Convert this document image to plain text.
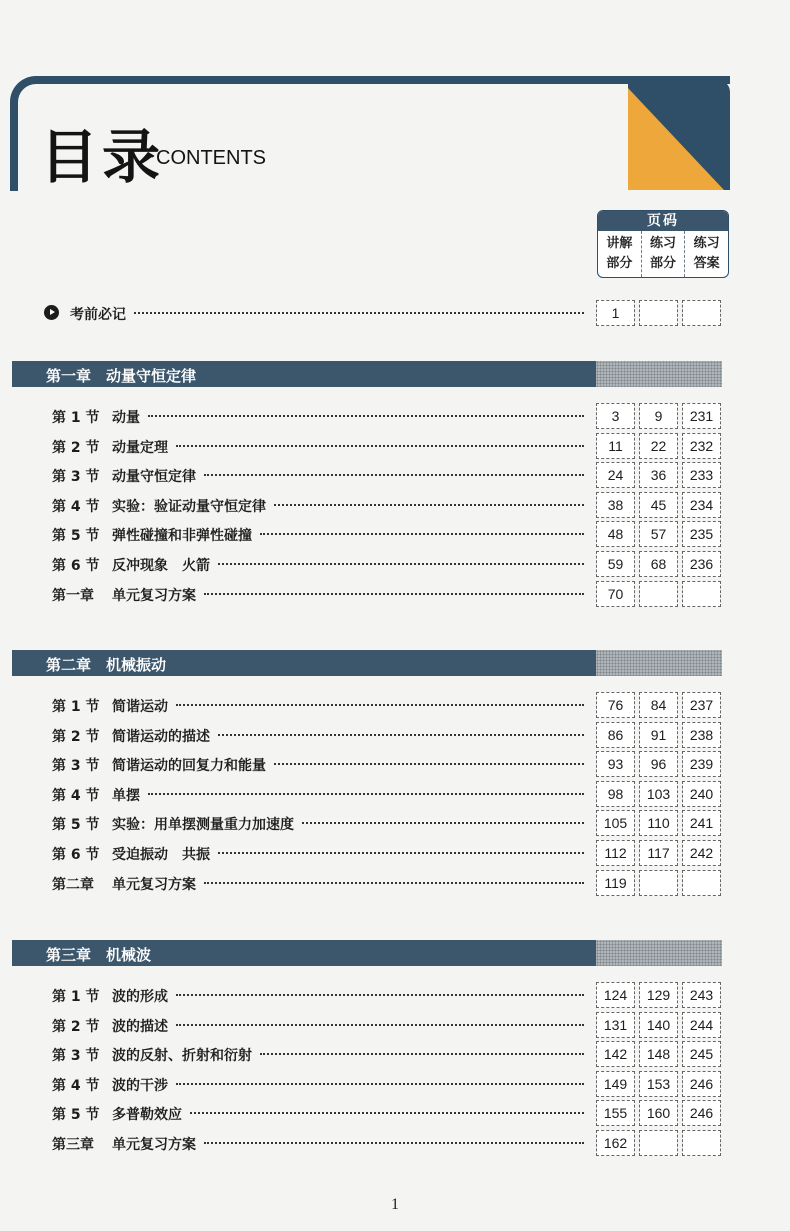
目录
CONTENTS
页码
讲解
部分
练习
部分
练习
答案
考前必记	1
第一章　动量守恒定律
第 1 节 动量	3	9	231
第 2 节 动量定理	11	22	232
第 3 节 动量守恒定律	24	36	233
第 4 节 实验：验证动量守恒定律	38	45	234
第 5 节 弹性碰撞和非弹性碰撞	48	57	235
第 6 节 反冲现象　火箭	59	68	236
第一章 单元复习方案	70
第二章　机械振动
第 1 节 简谐运动	76	84	237
第 2 节 简谐运动的描述	86	91	238
第 3 节 简谐运动的回复力和能量	93	96	239
第 4 节 单摆	98	103	240
第 5 节 实验：用单摆测量重力加速度	105	110	241
第 6 节 受迫振动　共振	112	117	242
第二章 单元复习方案	119
第三章　机械波
第 1 节 波的形成	124	129	243
第 2 节 波的描述	131	140	244
第 3 节 波的反射、折射和衍射	142	148	245
第 4 节 波的干涉	149	153	246
第 5 节 多普勒效应	155	160	246
第三章 单元复习方案	162
1
